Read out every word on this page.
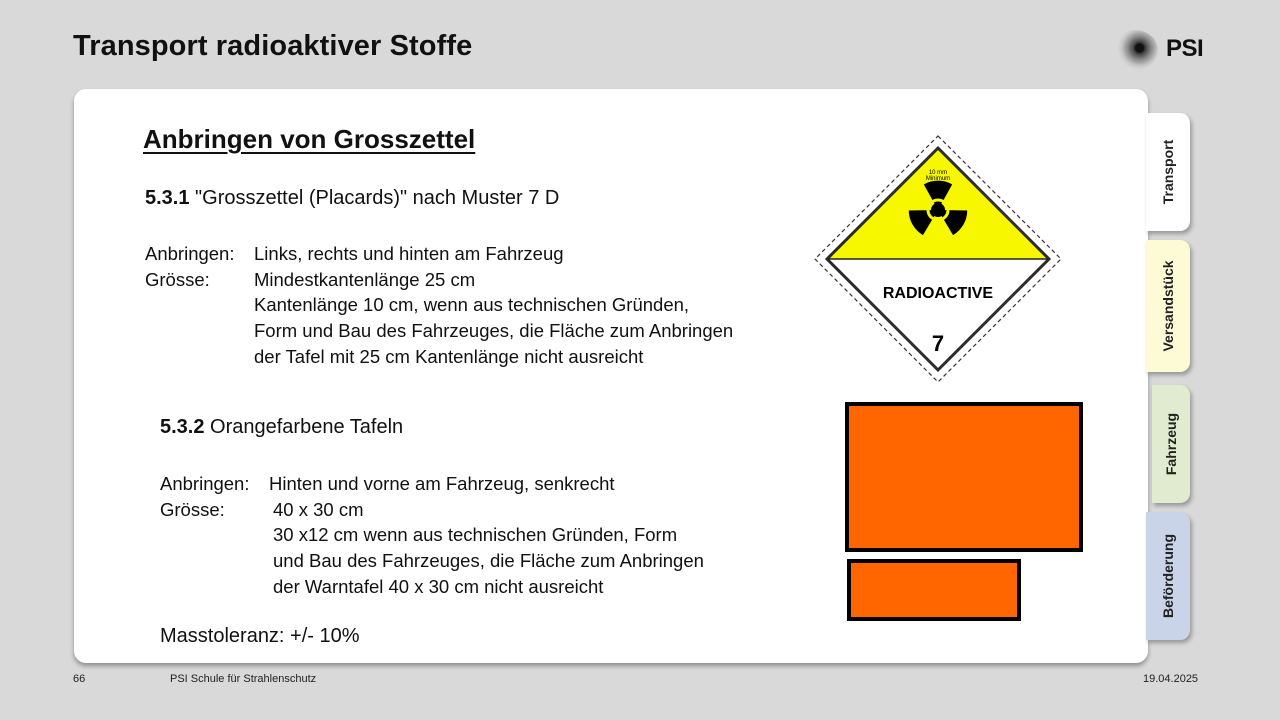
Transport radioaktiver Stoffe	PSI
Transport
Versandstück
Fahrzeug
Beförderung
Anbringen von Grosszettel
5.3.1 "Grosszettel (Placards)" nach Muster 7 D
Anbringen: Links, rechts und hinten am Fahrzeug
Grösse: Mindestkantenlänge 25 cm
Kantenlänge 10 cm, wenn aus technischen Gründen,
Form und Bau des Fahrzeuges, die Fläche zum Anbringen
der Tafel mit 25 cm Kantenlänge nicht ausreicht
5.3.2 Orangefarbene Tafeln
Anbringen: Hinten und vorne am Fahrzeug, senkrecht
Grösse:	40 x 30 cm
30 x12 cm wenn aus technischen Gründen, Form
und Bau des Fahrzeuges, die Fläche zum Anbringen
der Warntafel 40 x 30 cm nicht ausreicht
Masstoleranz: +/- 10%
10 mm
Minimum
RADIOACTIVE
7
66	PSI Schule für Strahlenschutz	19.04.2025
